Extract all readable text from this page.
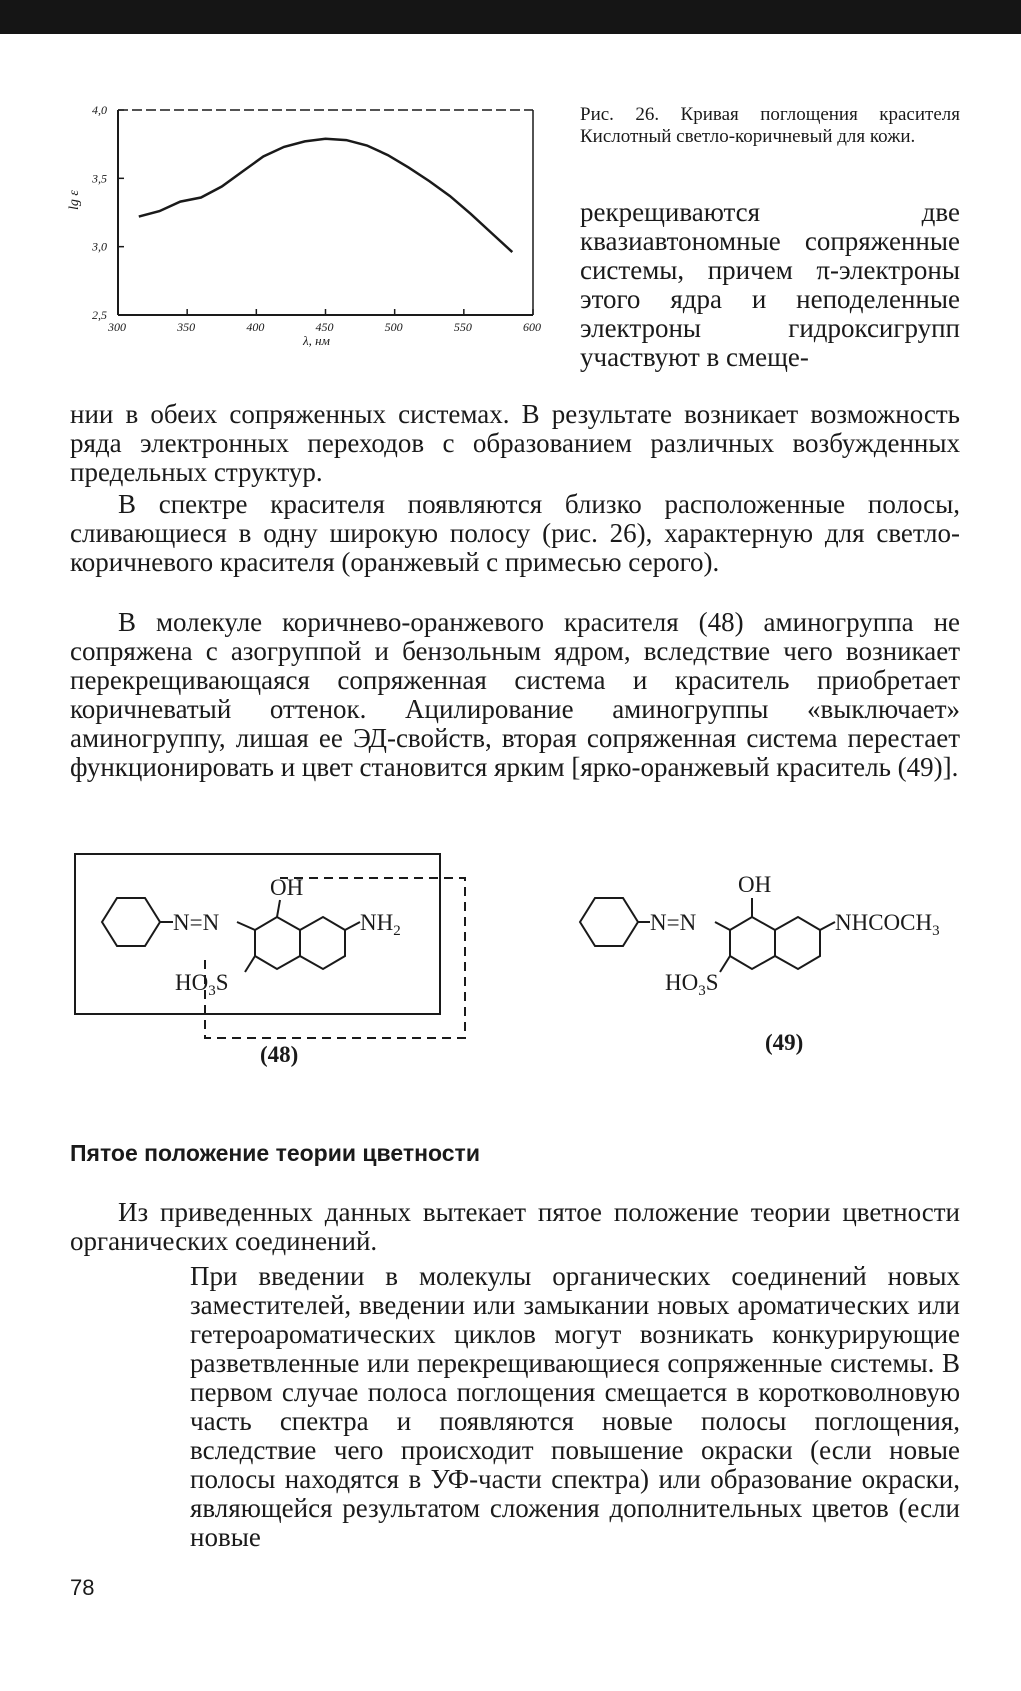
300	350	400	450	500	550	600
2,5
3,0
3,5
4,0
λ, нм
lg ε
Рис. 26. Кривая поглощения красителя Кислотный светло-коричневый для кожи.
рекрещиваются две квазиавтономные сопряженные системы, причем π-электроны этого ядра и неподеленные электроны гидроксигрупп участвуют в смеще-
нии в обеих сопряженных системах. В результате возникает возможность ряда электронных переходов с образованием различных возбужденных предельных структур.
В спектре красителя появляются близко расположенные полосы, сливающиеся в одну широкую полосу (рис. 26), характерную для светло-коричневого красителя (оранжевый с примесью серого).
В молекуле коричнево-оранжевого красителя (48) аминогруппа не сопряжена с азогруппой и бензольным ядром, вследствие чего возникает перекрещивающаяся сопряженная система и краситель приобретает коричневатый оттенок. Ацилирование аминогруппы «выключает» аминогруппу, лишая ее ЭД-свойств, вторая сопряженная система перестает функционировать и цвет становится ярким [ярко-оранжевый краситель (49)].
N=N
OH
$NH_2$
$HO_3S$
(48)
N=N
OH
$NHCOCH_3$
$HO_3S$
(49)
Пятое положение теории цветности
Из приведенных данных вытекает пятое положение теории цветности органических соединений.
При введении в молекулы органических соединений новых заместителей, введении или замыкании новых ароматических или гетероароматических циклов могут возникать конкурирующие разветвленные или перекрещивающиеся сопряженные системы. В первом случае полоса поглощения смещается в коротковолновую часть спектра и появляются новые полосы поглощения, вследствие чего происходит повышение окраски (если новые полосы находятся в УФ-части спектра) или образование окраски, являющейся результатом сложения дополнительных цветов (если новые
78
